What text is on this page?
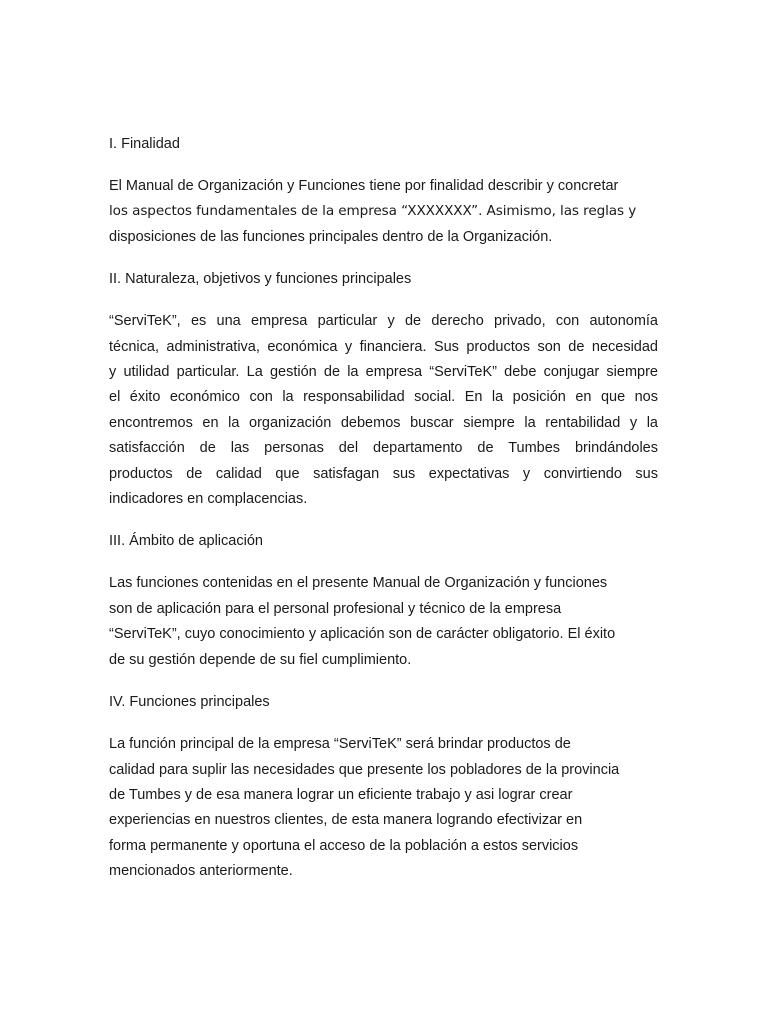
I. Finalidad

El Manual de Organización y Funciones tiene por finalidad describir y concretar
los aspectos fundamentales de la empresa “XXXXXXX”. Asimismo, las reglas y
disposiciones de las funciones principales dentro de la Organización.

II. Naturaleza, objetivos y funciones principales

“ServiTeK”, es una empresa particular y de derecho privado, con autonomía
técnica, administrativa, económica y financiera. Sus productos son de necesidad
y utilidad particular. La gestión de la empresa “ServiTeK” debe conjugar siempre
el éxito económico con la responsabilidad social. En la posición en que nos
encontremos en la organización debemos buscar siempre la rentabilidad y la
satisfacción de las personas del departamento de Tumbes brindándoles
productos de calidad que satisfagan sus expectativas y convirtiendo sus
indicadores en complacencias.

III. Ámbito de aplicación

Las funciones contenidas en el presente Manual de Organización y funciones
son de aplicación para el personal profesional y técnico de la empresa
“ServiTeK”, cuyo conocimiento y aplicación son de carácter obligatorio. El éxito
de su gestión depende de su fiel cumplimiento.

IV. Funciones principales

La función principal de la empresa “ServiTeK” será brindar productos de
calidad para suplir las necesidades que presente los pobladores de la provincia
de Tumbes y de esa manera lograr un eficiente trabajo y asi lograr crear
experiencias en nuestros clientes, de esta manera logrando efectivizar en
forma permanente y oportuna el acceso de la población a estos servicios
mencionados anteriormente.
